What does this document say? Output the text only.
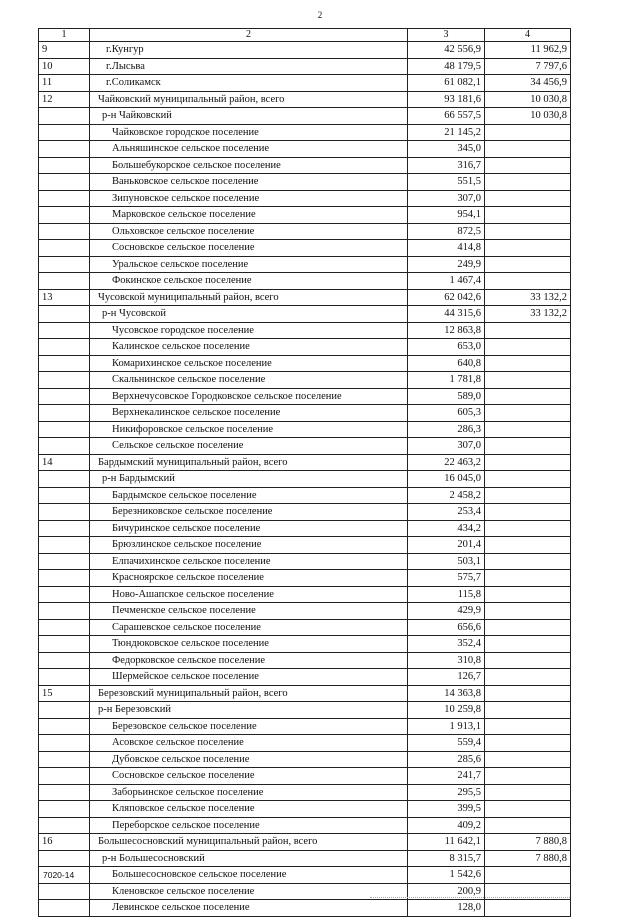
2
1	2	3	4
9	г.Кунгур	42 556,9	11 962,9
10	г.Лысьва	48 179,5	7 797,6
11	г.Соликамск	61 082,1	34 456,9
12	Чайковский муниципальный район, всего	93 181,6	10 030,8
	р-н Чайковский	66 557,5	10 030,8
	Чайковское городское поселение	21 145,2	
	Альняшинское сельское поселение	345,0	
	Большебукорское сельское поселение	316,7	
	Ваньковское сельское поселение	551,5	
	Зипуновское сельское поселение	307,0	
	Марковское сельское поселение	954,1	
	Ольховское сельское поселение	872,5	
	Сосновское сельское поселение	414,8	
	Уральское сельское поселение	249,9	
	Фокинское сельское поселение	1 467,4	
13	Чусовской муниципальный район, всего	62 042,6	33 132,2
	р-н Чусовской	44 315,6	33 132,2
	Чусовское городское поселение	12 863,8	
	Калинское сельское поселение	653,0	
	Комарихинское сельское поселение	640,8	
	Скальнинское сельское поселение	1 781,8	
	Верхнечусовское Городковское сельское поселение	589,0	
	Верхнекалинское сельское поселение	605,3	
	Никифоровское сельское поселение	286,3	
	Сельское сельское поселение	307,0	
14	Бардымский муниципальный район, всего	22 463,2	
	р-н Бардымский	16 045,0	
	Бардымское сельское поселение	2 458,2	
	Березниковское сельское поселение	253,4	
	Бичуринское сельское поселение	434,2	
	Брюзлинское сельское поселение	201,4	
	Елпачихинское сельское поселение	503,1	
	Красноярское сельское поселение	575,7	
	Ново-Ашапское сельское поселение	115,8	
	Печменское сельское поселение	429,9	
	Сарашевское сельское поселение	656,6	
	Тюндюковское сельское поселение	352,4	
	Федорковское сельское поселение	310,8	
	Шермейское сельское поселение	126,7	
15	Березовский муниципальный район, всего	14 363,8	
	р-н Березовский	10 259,8	
	Березовское сельское поселение	1 913,1	
	Асовское сельское поселение	559,4	
	Дубовское сельское поселение	285,6	
	Сосновское сельское поселение	241,7	
	Заборьинское сельское поселение	295,5	
	Кляповское сельское поселение	399,5	
	Переборское сельское поселение	409,2	
16	Большесосновский муниципальный район, всего	11 642,1	7 880,8
	р-н Большесосновский	8 315,7	7 880,8
	Большесосновское сельское поселение	1 542,6	
	Кленовское сельское поселение	200,9	
	Левинское сельское поселение	128,0	
7020-14
